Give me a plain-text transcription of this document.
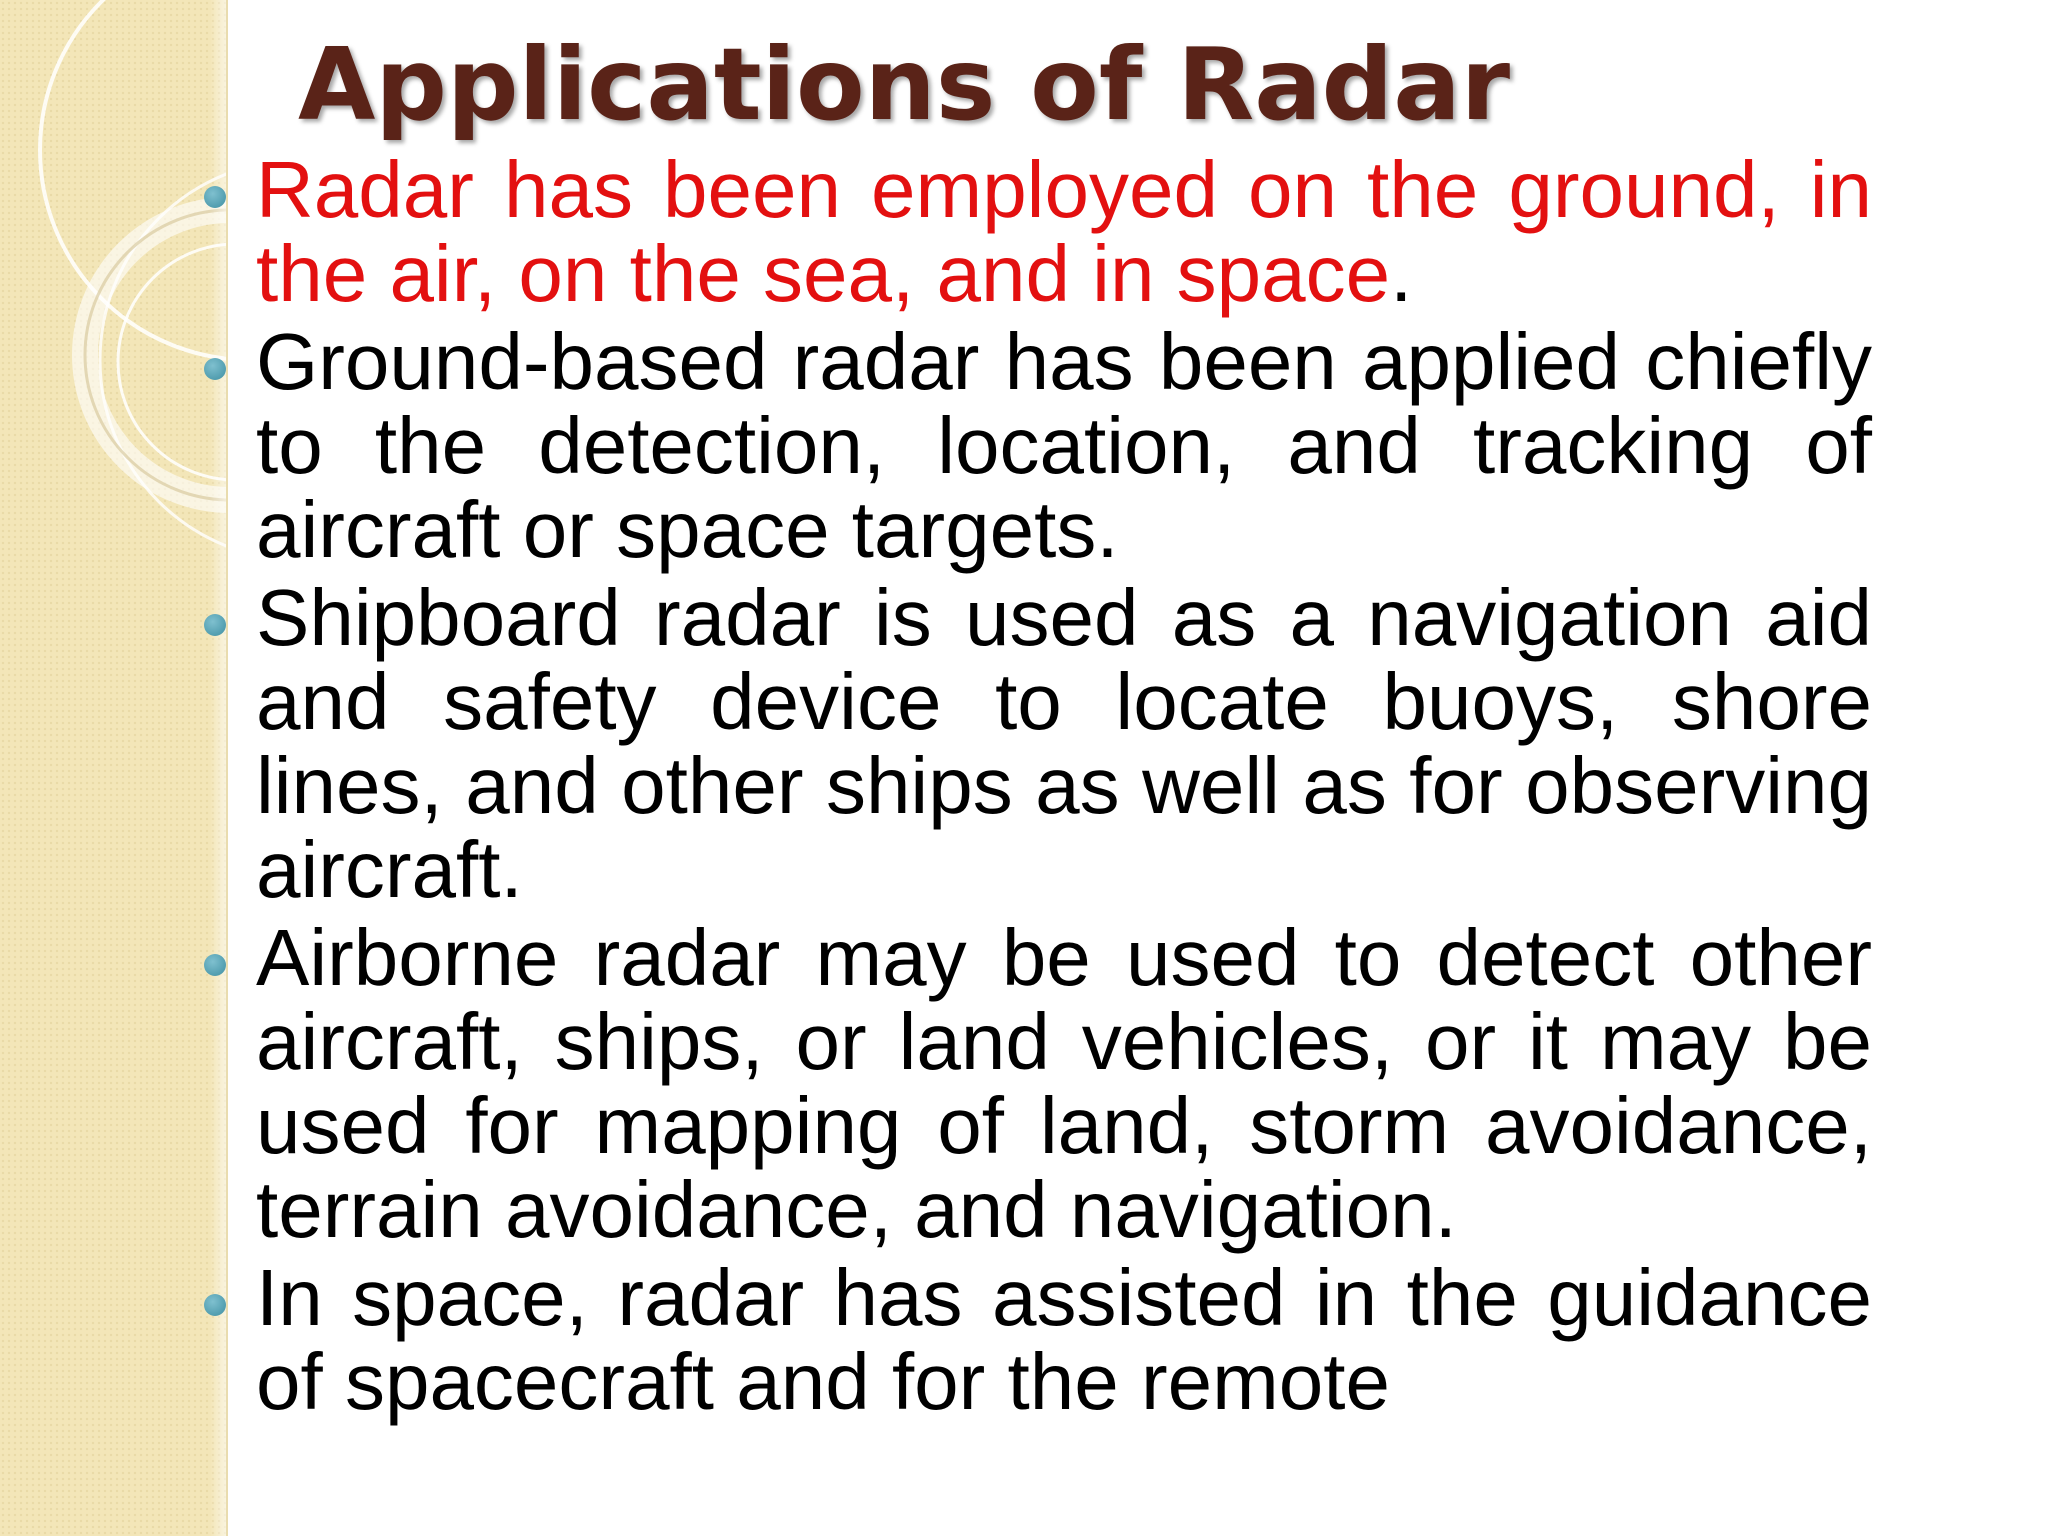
Applications of Radar
Radar has been employed on the ground, in the air, on the sea, and in space.
Ground-based radar has been applied chiefly to the detection, location, and tracking of aircraft or space targets.
Shipboard radar is used as a navigation aid and safety device to locate buoys, shore lines, and other ships as well as for observing aircraft.
Airborne radar may be used to detect other aircraft, ships, or land vehicles, or it may be used for mapping of land, storm avoidance, terrain avoidance, and navigation.
In space, radar has assisted in the guidance of spacecraft and for the remote
